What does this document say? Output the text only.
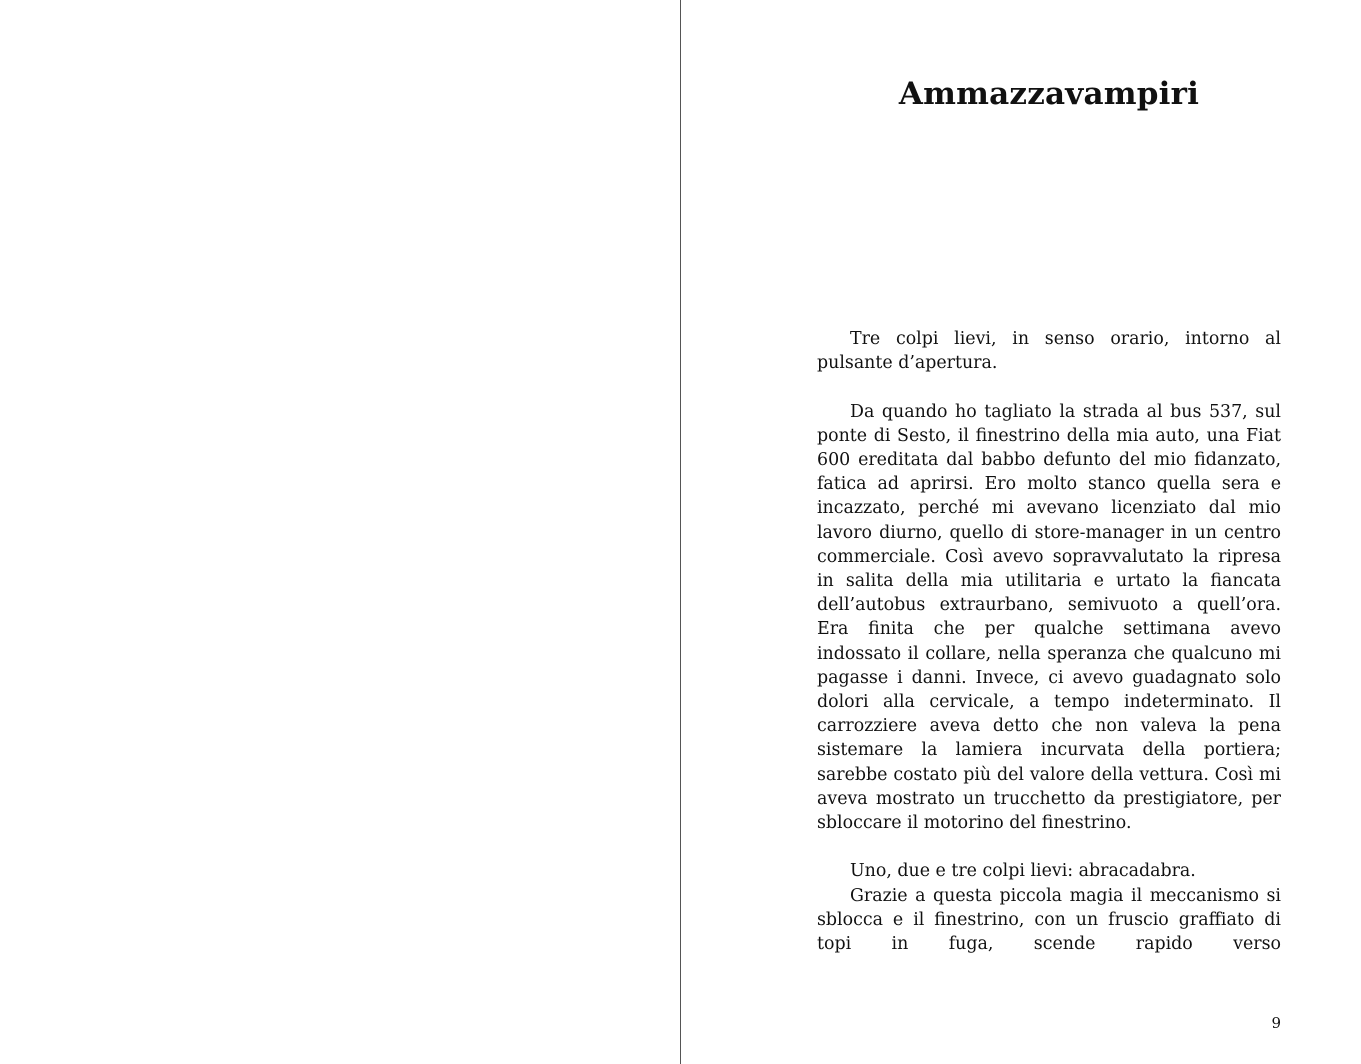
Ammazzavampiri

Tre colpi lievi, in senso orario, intorno al pulsante d’apertura.

Da quando ho tagliato la strada al bus 537, sul ponte di Sesto, il finestrino della mia auto, una Fiat 600 ereditata dal babbo defunto del mio fidanzato, fatica ad aprirsi. Ero molto stanco quella sera e incazzato, perché mi avevano licenziato dal mio lavoro diurno, quello di store-manager in un centro commerciale. Così avevo sopravvalutato la ripresa in salita della mia utilitaria e urtato la fiancata dell’autobus extraurbano, semivuoto a quell’ora. Era finita che per qualche settimana avevo indossato il collare, nella speranza che qualcuno mi pagasse i danni. Invece, ci avevo guadagnato solo dolori alla cervicale, a tempo indeterminato. Il carrozziere aveva detto che non valeva la pena sistemare la lamiera incurvata della portiera; sarebbe costato più del valore della vettura. Così mi aveva mostrato un trucchetto da prestigiatore, per sbloccare il motorino del finestrino.

Uno, due e tre colpi lievi: abracadabra.

Grazie a questa piccola magia il meccanismo si sblocca e il finestrino, con un fruscio graffiato di topi in fuga, scende rapido verso

9
